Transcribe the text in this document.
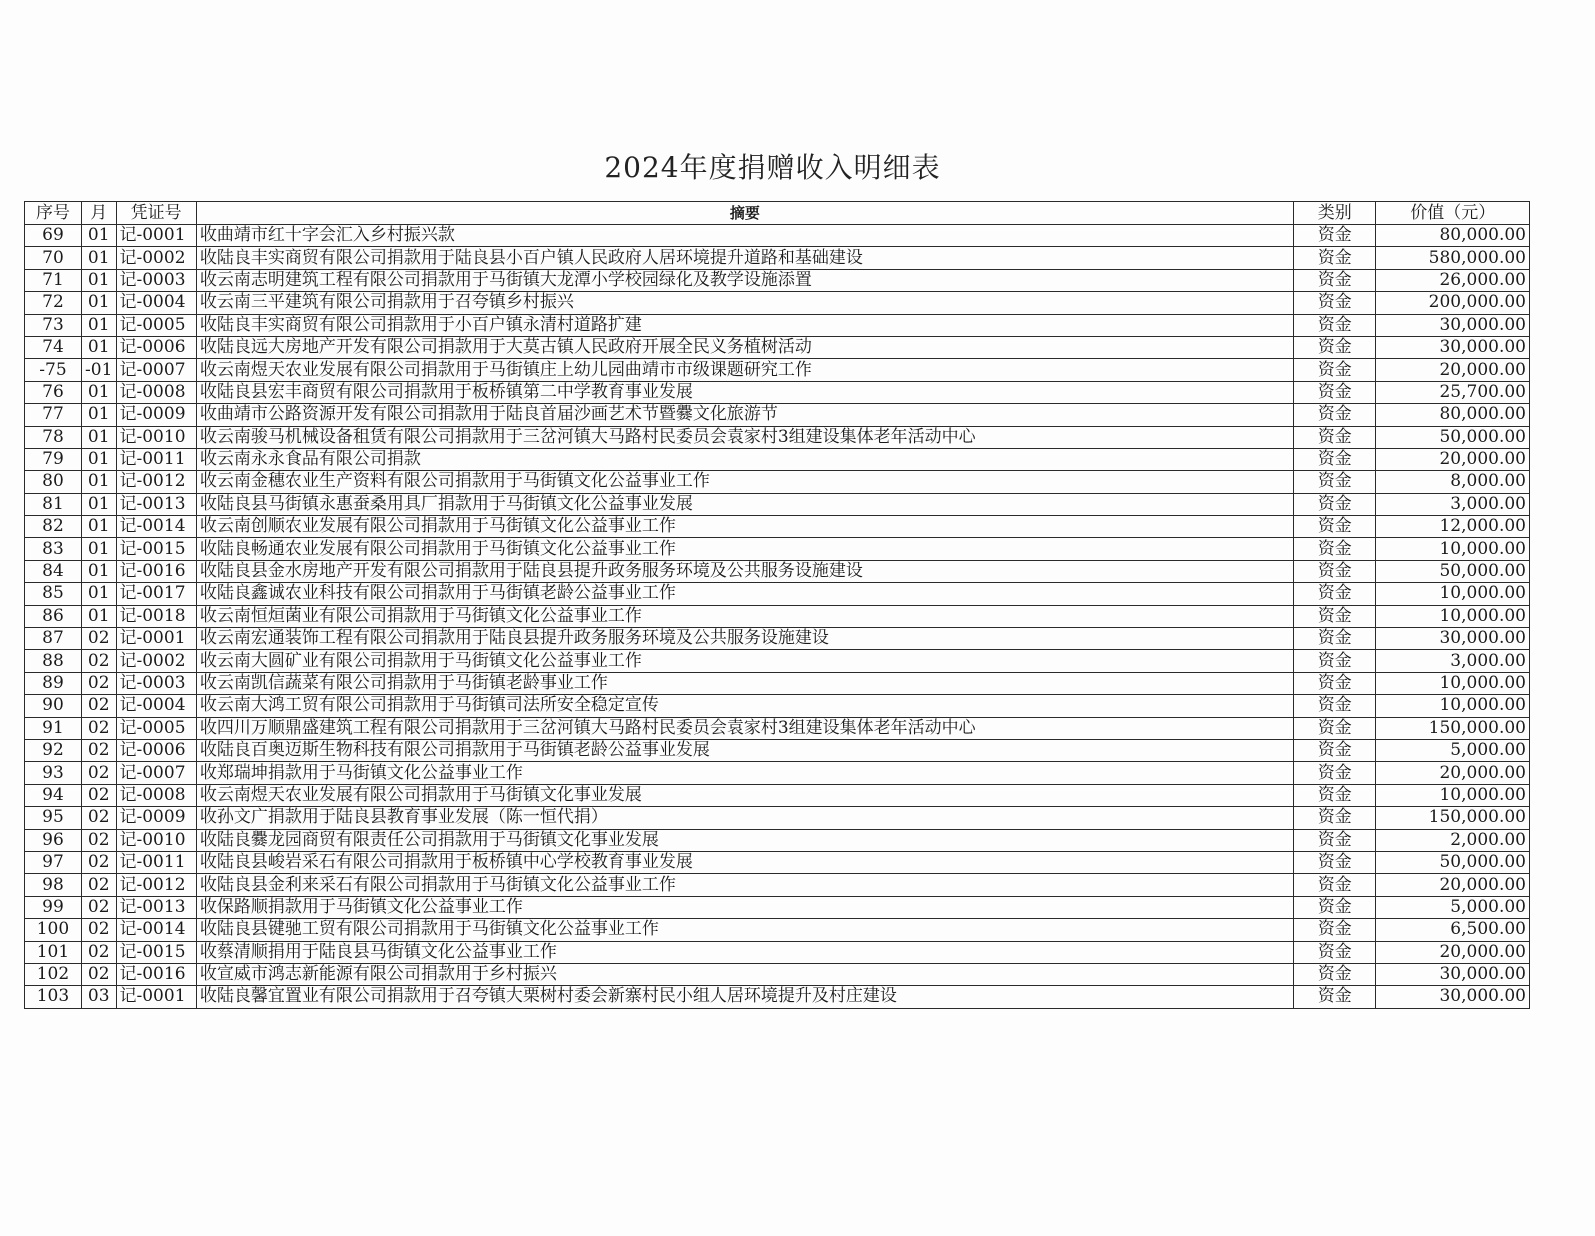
2024年度捐赠收入明细表
序号	月	凭证号	摘要	类别	价值（元）
69	01	记-0001	收曲靖市红十字会汇入乡村振兴款	资金	80,000.00
70	01	记-0002	收陆良丰实商贸有限公司捐款用于陆良县小百户镇人民政府人居环境提升道路和基础建设	资金	580,000.00
71	01	记-0003	收云南志明建筑工程有限公司捐款用于马街镇大龙潭小学校园绿化及教学设施添置	资金	26,000.00
72	01	记-0004	收云南三平建筑有限公司捐款用于召夸镇乡村振兴	资金	200,000.00
73	01	记-0005	收陆良丰实商贸有限公司捐款用于小百户镇永清村道路扩建	资金	30,000.00
74	01	记-0006	收陆良远大房地产开发有限公司捐款用于大莫古镇人民政府开展全民义务植树活动	资金	30,000.00
-75	-01	记-0007	收云南煜天农业发展有限公司捐款用于马街镇庄上幼儿园曲靖市市级课题研究工作	资金	20,000.00
76	01	记-0008	收陆良县宏丰商贸有限公司捐款用于板桥镇第二中学教育事业发展	资金	25,700.00
77	01	记-0009	收曲靖市公路资源开发有限公司捐款用于陆良首届沙画艺术节暨爨文化旅游节	资金	80,000.00
78	01	记-0010	收云南骏马机械设备租赁有限公司捐款用于三岔河镇大马路村民委员会袁家村3组建设集体老年活动中心	资金	50,000.00
79	01	记-0011	收云南永永食品有限公司捐款	资金	20,000.00
80	01	记-0012	收云南金穗农业生产资料有限公司捐款用于马街镇文化公益事业工作	资金	8,000.00
81	01	记-0013	收陆良县马街镇永惠蚕桑用具厂捐款用于马街镇文化公益事业发展	资金	3,000.00
82	01	记-0014	收云南创顺农业发展有限公司捐款用于马街镇文化公益事业工作	资金	12,000.00
83	01	记-0015	收陆良畅通农业发展有限公司捐款用于马街镇文化公益事业工作	资金	10,000.00
84	01	记-0016	收陆良县金水房地产开发有限公司捐款用于陆良县提升政务服务环境及公共服务设施建设	资金	50,000.00
85	01	记-0017	收陆良鑫诚农业科技有限公司捐款用于马街镇老龄公益事业工作	资金	10,000.00
86	01	记-0018	收云南恒烜菌业有限公司捐款用于马街镇文化公益事业工作	资金	10,000.00
87	02	记-0001	收云南宏通装饰工程有限公司捐款用于陆良县提升政务服务环境及公共服务设施建设	资金	30,000.00
88	02	记-0002	收云南大圆矿业有限公司捐款用于马街镇文化公益事业工作	资金	3,000.00
89	02	记-0003	收云南凯信蔬菜有限公司捐款用于马街镇老龄事业工作	资金	10,000.00
90	02	记-0004	收云南大鸿工贸有限公司捐款用于马街镇司法所安全稳定宣传	资金	10,000.00
91	02	记-0005	收四川万顺鼎盛建筑工程有限公司捐款用于三岔河镇大马路村民委员会袁家村3组建设集体老年活动中心	资金	150,000.00
92	02	记-0006	收陆良百奥迈斯生物科技有限公司捐款用于马街镇老龄公益事业发展	资金	5,000.00
93	02	记-0007	收郑瑞坤捐款用于马街镇文化公益事业工作	资金	20,000.00
94	02	记-0008	收云南煜天农业发展有限公司捐款用于马街镇文化事业发展	资金	10,000.00
95	02	记-0009	收孙文广捐款用于陆良县教育事业发展（陈一恒代捐）	资金	150,000.00
96	02	记-0010	收陆良爨龙园商贸有限责任公司捐款用于马街镇文化事业发展	资金	2,000.00
97	02	记-0011	收陆良县峻岩采石有限公司捐款用于板桥镇中心学校教育事业发展	资金	50,000.00
98	02	记-0012	收陆良县金利来采石有限公司捐款用于马街镇文化公益事业工作	资金	20,000.00
99	02	记-0013	收保路顺捐款用于马街镇文化公益事业工作	资金	5,000.00
100	02	记-0014	收陆良县键驰工贸有限公司捐款用于马街镇文化公益事业工作	资金	6,500.00
101	02	记-0015	收蔡清顺捐用于陆良县马街镇文化公益事业工作	资金	20,000.00
102	02	记-0016	收宣威市鸿志新能源有限公司捐款用于乡村振兴	资金	30,000.00
103	03	记-0001	收陆良馨宜置业有限公司捐款用于召夸镇大栗树村委会新寨村民小组人居环境提升及村庄建设	资金	30,000.00
